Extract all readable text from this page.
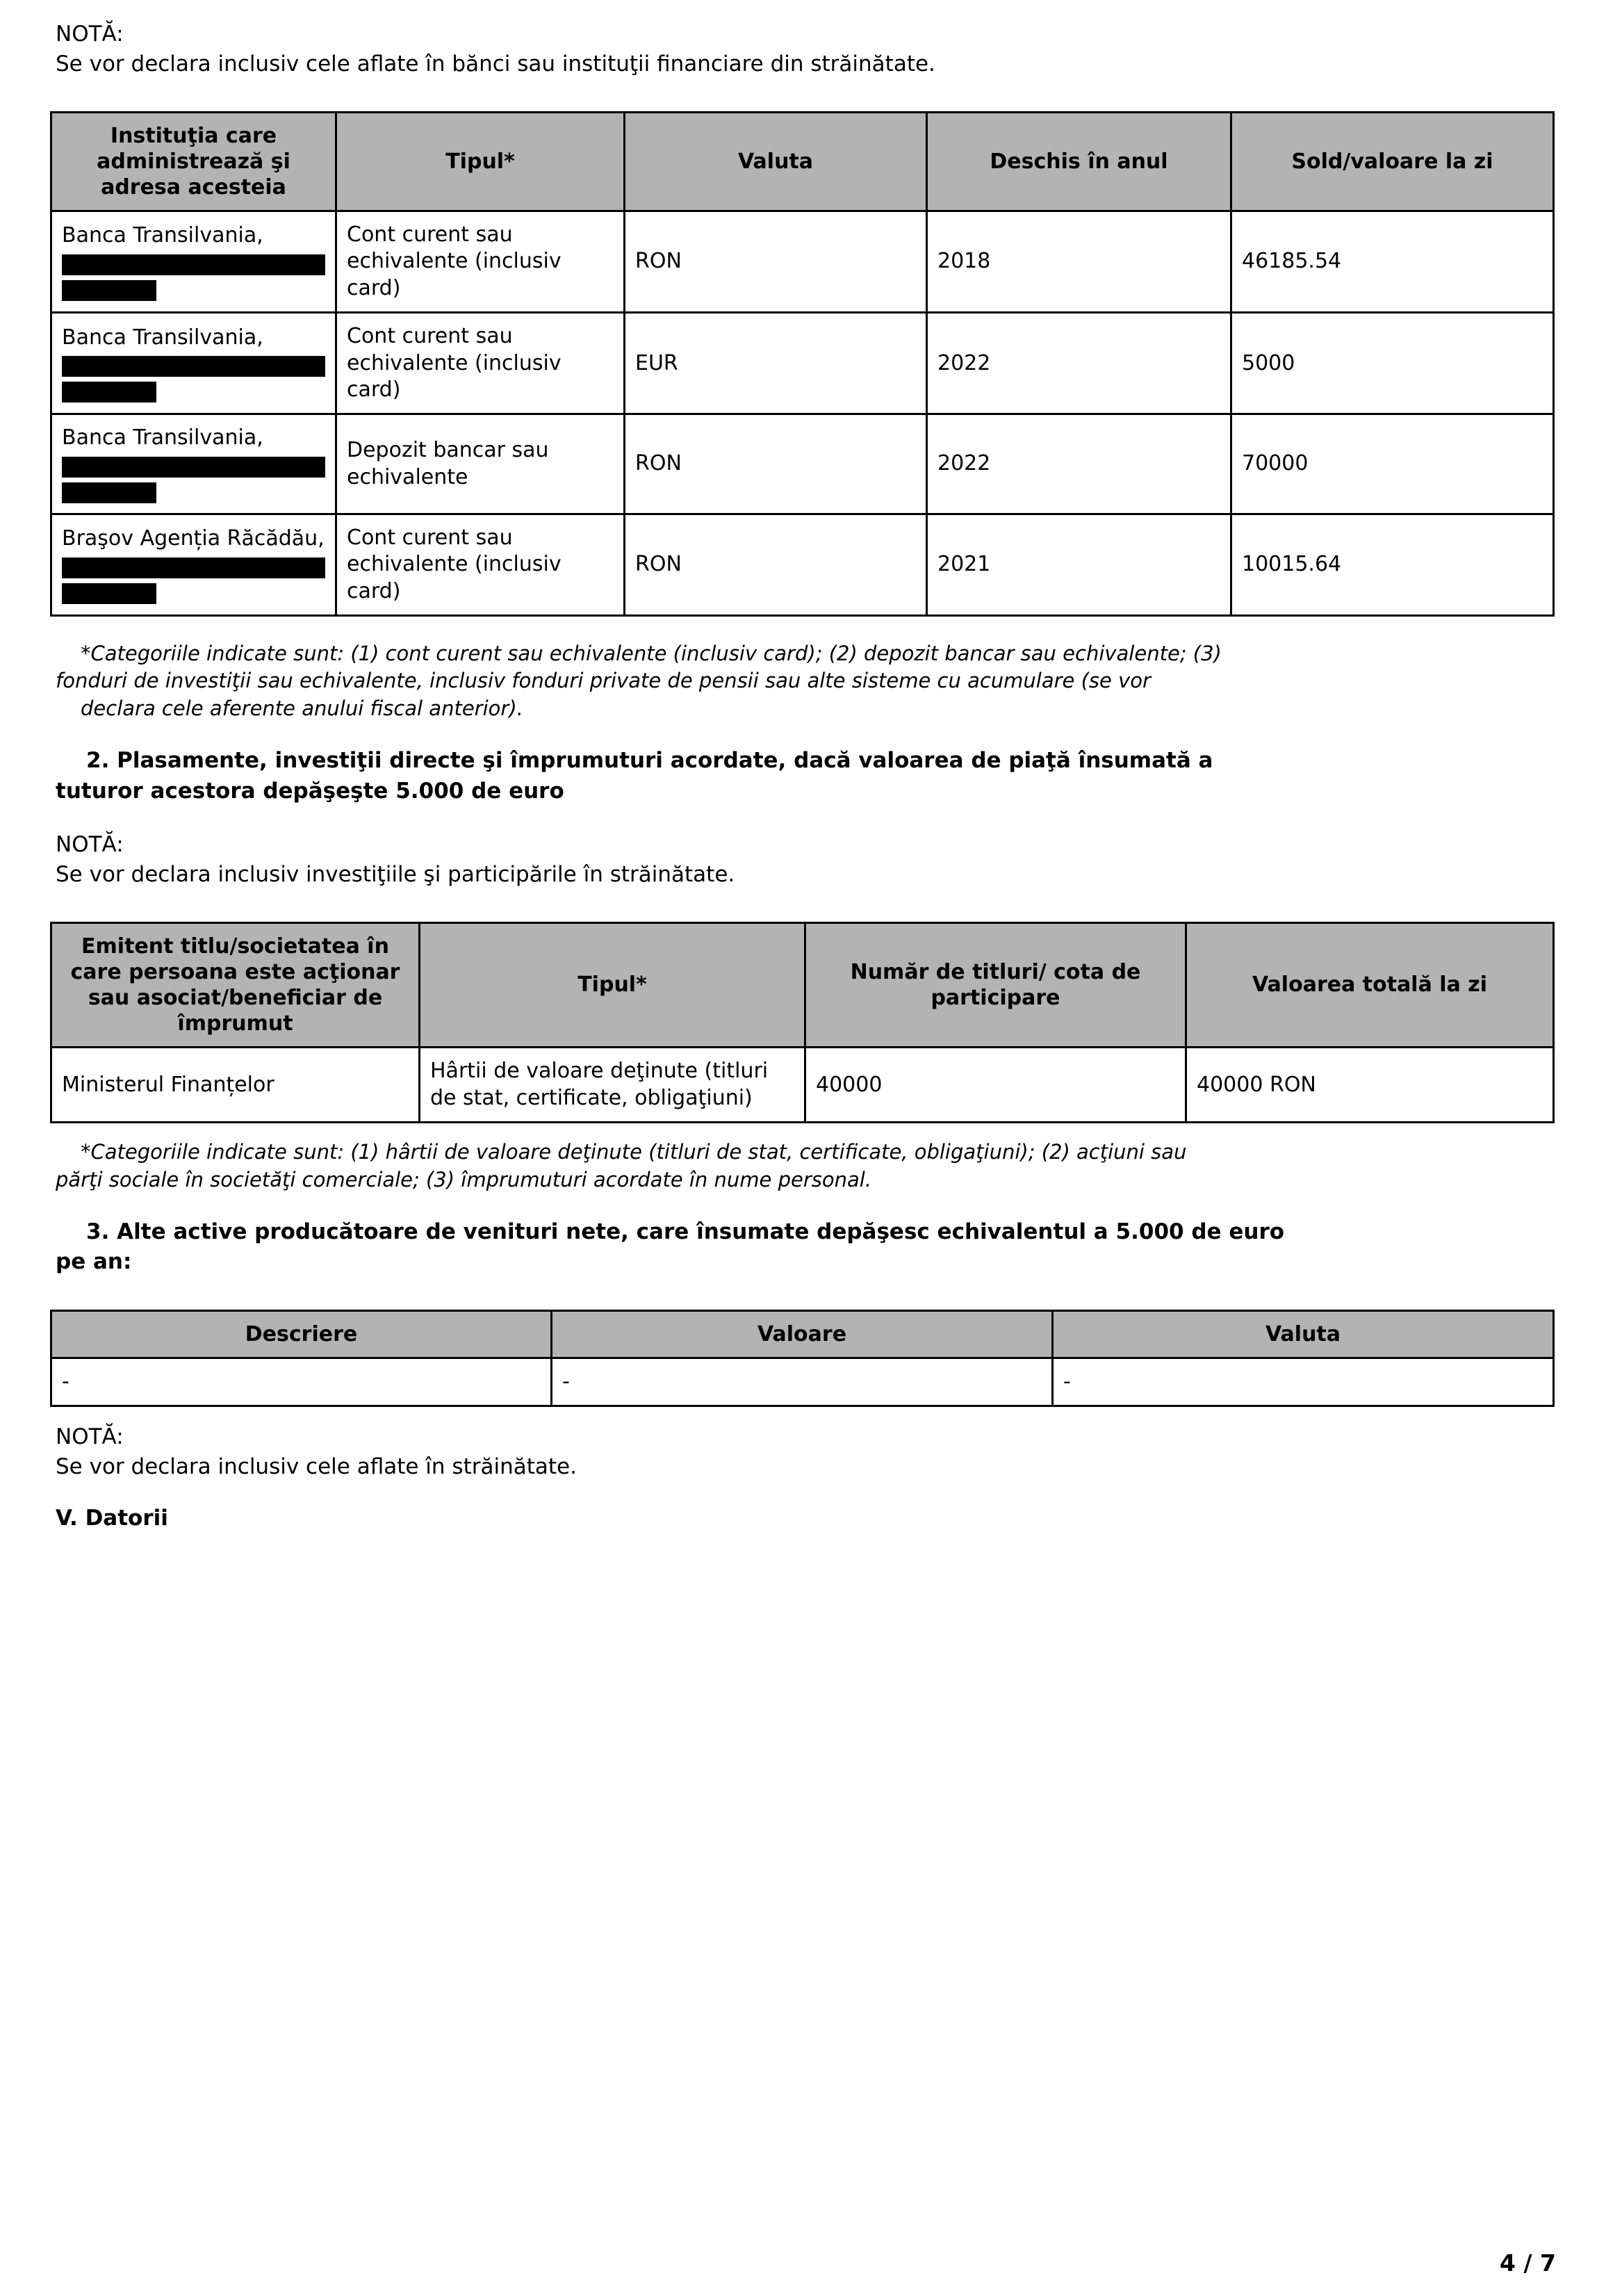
NOTĂ:
Se vor declara inclusiv cele aflate în bănci sau instituţii financiare din străinătate.
Instituţia care administrează şi adresa acesteia	Tipul*	Valuta	Deschis în anul	Sold/valoare la zi
Banca Transilvania,	Cont curent sau echivalente (inclusiv card)	RON	2018	46185.54
Banca Transilvania,	Cont curent sau echivalente (inclusiv card)	EUR	2022	5000
Banca Transilvania,	Depozit bancar sau echivalente	RON	2022	70000
Braşov Agenția Răcădău,	Cont curent sau echivalente (inclusiv card)	RON	2021	10015.64
*Categoriile indicate sunt: (1) cont curent sau echivalente (inclusiv card); (2) depozit bancar sau echivalente; (3)
fonduri de investiţii sau echivalente, inclusiv fonduri private de pensii sau alte sisteme cu acumulare (se vor
declara cele aferente anului fiscal anterior).
2. Plasamente, investiţii directe şi împrumuturi acordate, dacă valoarea de piaţă însumată a
tuturor acestora depăşeşte 5.000 de euro
NOTĂ:
Se vor declara inclusiv investiţiile şi participările în străinătate.
Emitent titlu/societatea în care persoana este acţionar sau asociat/beneficiar de împrumut	Tipul*	Număr de titluri/ cota de participare	Valoarea totală la zi
Ministerul Finanțelor	Hârtii de valoare deţinute (titluri de stat, certificate, obligaţiuni)	40000	40000 RON
*Categoriile indicate sunt: (1) hârtii de valoare deţinute (titluri de stat, certificate, obligaţiuni); (2) acţiuni sau
părţi sociale în societăţi comerciale; (3) împrumuturi acordate în nume personal.
3. Alte active producătoare de venituri nete, care însumate depăşesc echivalentul a 5.000 de euro
pe an:
Descriere	Valoare	Valuta
-	-	-
NOTĂ:
Se vor declara inclusiv cele aflate în străinătate.
V. Datorii
4 / 7
